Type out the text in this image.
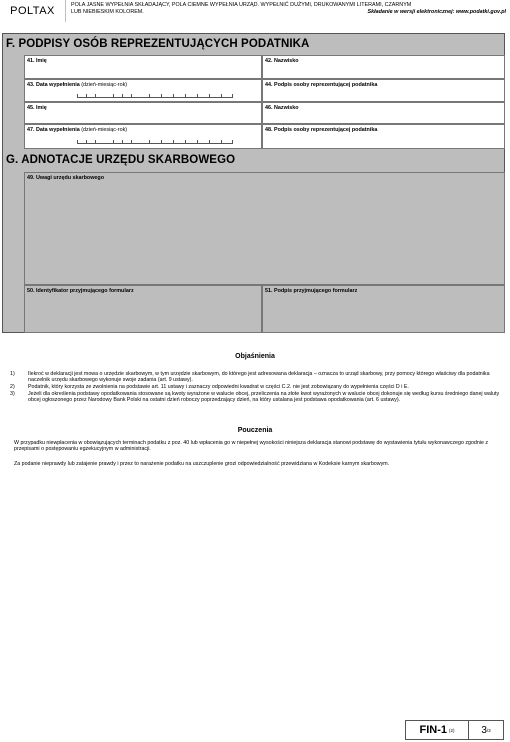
POLTAX	POLA JASNE WYPEŁNIA SKŁADAJĄCY, POLA CIEMNE WYPEŁNIA URZĄD. WYPEŁNIĆ DUŻYMI, DRUKOWANYMI LITERAMI, CZARNYM
LUB NIEBIESKIM KOLOREM.	Składanie w wersji elektronicznej: www.podatki.gov.pl
F. PODPISY OSÓB REPREZENTUJĄCYCH PODATNIKA
41. Imię	42. Nazwisko
43. Data wypełnienia (dzień-miesiąc-rok)	44. Podpis osoby reprezentującej podatnika
45. Imię	46. Nazwisko
47. Data wypełnienia (dzień-miesiąc-rok)	48. Podpis osoby reprezentującej podatnika
G. ADNOTACJE URZĘDU SKARBOWEGO
49. Uwagi urzędu skarbowego
50. Identyfikator przyjmującego formularz	51. Podpis przyjmującego formularz
Objaśnienia
1)	Ilekroć w deklaracji jest mowa o urzędzie skarbowym, w tym urzędzie skarbowym, do którego jest adresowana deklaracja – oznacza to urząd skarbowy, przy pomocy którego właściwy dla podatnika naczelnik urzędu skarbowego wykonuje swoje zadania (art. 9 ustawy).
2)	Podatnik, który korzysta ze zwolnienia na podstawie art. 11 ustawy i zaznaczy odpowiedni kwadrat w części C.2. nie jest zobowiązany do wypełnienia części D i E.
3)	Jeżeli dla określenia podstawy opodatkowania stosowane są kwoty wyrażone w walucie obcej, przeliczenia na złote kwot wyrażonych w walucie obcej dokonuje się według kursu średniego danej waluty obcej ogłoszonego przez Narodowy Bank Polski na ostatni dzień roboczy poprzedzający dzień, na który ustalana jest podstawa opodatkowania (art. 6 ustawy).
Pouczenia
W przypadku niewpłacenia w obowiązujących terminach podatku z poz. 40 lub wpłacenia go w niepełnej wysokości niniejsza deklaracja stanowi podstawę do wystawienia tytułu wykonawczego zgodnie z przepisami o postępowaniu egzekucyjnym w administracji.
Za podanie nieprawdy lub zatajenie prawdy i przez to narażenie podatku na uszczuplenie grozi odpowiedzialność przewidziana w Kodeksie karnym skarbowym.
FIN-1 (2)	3 /3
